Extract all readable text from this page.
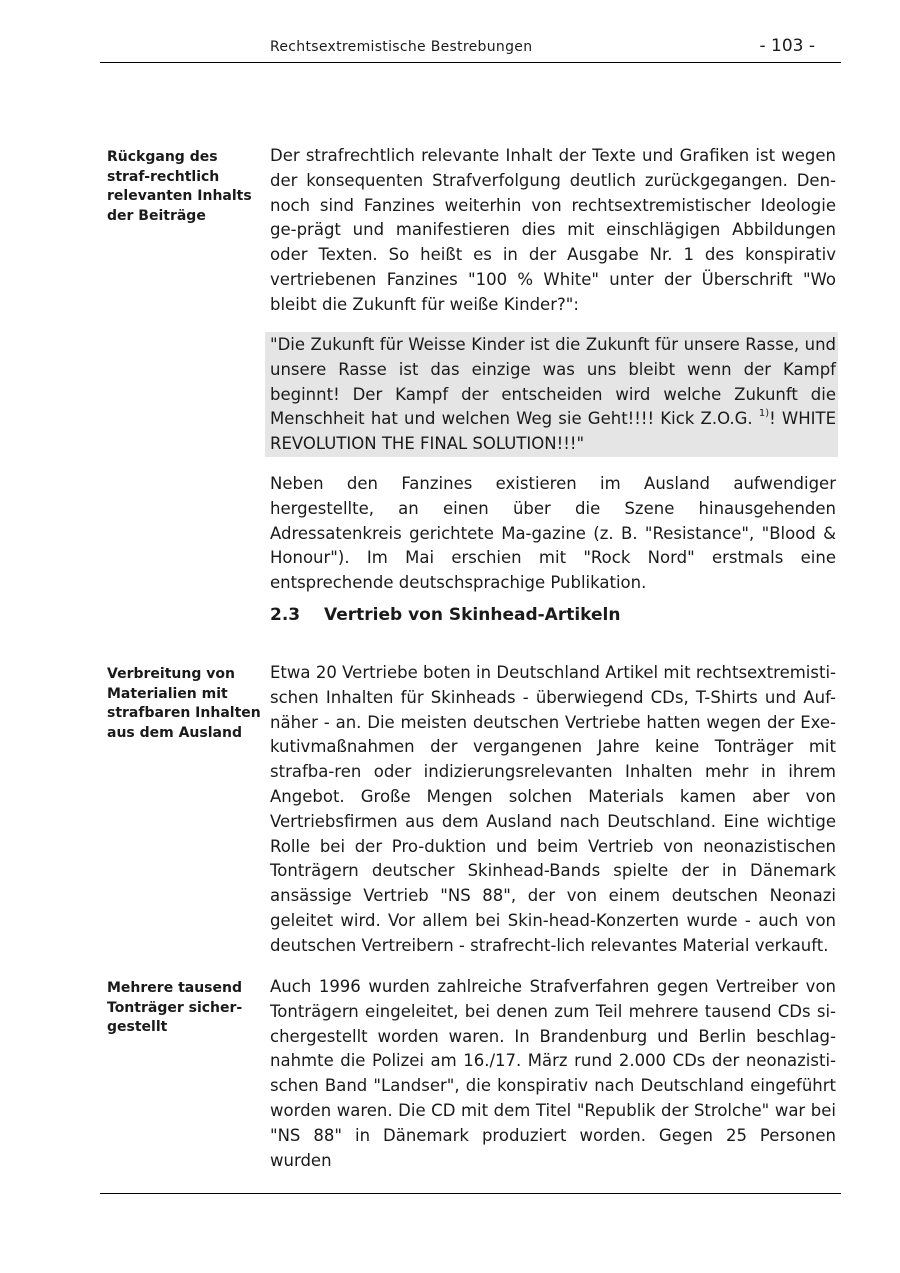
Rechtsextremistische Bestrebungen	- 103 -
Rückgang des straf-rechtlich relevanten Inhalts der Beiträge
Der strafrechtlich relevante Inhalt der Texte und Grafiken ist wegen der konsequenten Strafverfolgung deutlich zurückgegangen. Den-noch sind Fanzines weiterhin von rechtsextremistischer Ideologie ge-prägt und manifestieren dies mit einschlägigen Abbildungen oder Texten. So heißt es in der Ausgabe Nr. 1 des konspirativ vertriebenen Fanzines "100 % White" unter der Überschrift "Wo bleibt die Zukunft für weiße Kinder?":
"Die Zukunft für Weisse Kinder ist die Zukunft für unsere Rasse, und unsere Rasse ist das einzige was uns bleibt wenn der Kampf beginnt! Der Kampf der entscheiden wird welche Zukunft die Menschheit hat und welchen Weg sie Geht!!!! Kick Z.O.G. $^{1)}$! WHITE REVOLUTION THE FINAL SOLUTION!!!"
Neben den Fanzines existieren im Ausland aufwendiger hergestellte, an einen über die Szene hinausgehenden Adressatenkreis gerichtete Ma-gazine (z. B. "Resistance", "Blood & Honour"). Im Mai erschien mit "Rock Nord" erstmals eine entsprechende deutschsprachige Publikation.
2.3 Vertrieb von Skinhead-Artikeln
Verbreitung von Materialien mit strafbaren Inhalten aus dem Ausland
Etwa 20 Vertriebe boten in Deutschland Artikel mit rechtsextremisti-schen Inhalten für Skinheads - überwiegend CDs, T-Shirts und Auf-näher - an. Die meisten deutschen Vertriebe hatten wegen der Exe-kutivmaßnahmen der vergangenen Jahre keine Tonträger mit strafba-ren oder indizierungsrelevanten Inhalten mehr in ihrem Angebot. Große Mengen solchen Materials kamen aber von Vertriebsfirmen aus dem Ausland nach Deutschland. Eine wichtige Rolle bei der Pro-duktion und beim Vertrieb von neonazistischen Tonträgern deutscher Skinhead-Bands spielte der in Dänemark ansässige Vertrieb "NS 88", der von einem deutschen Neonazi geleitet wird. Vor allem bei Skin-head-Konzerten wurde - auch von deutschen Vertreibern - strafrecht-lich relevantes Material verkauft.
Mehrere tausend Tonträger sicher-gestellt
Auch 1996 wurden zahlreiche Strafverfahren gegen Vertreiber von Tonträgern eingeleitet, bei denen zum Teil mehrere tausend CDs si-chergestellt worden waren. In Brandenburg und Berlin beschlag-nahmte die Polizei am 16./17. März rund 2.000 CDs der neonazisti-schen Band "Landser", die konspirativ nach Deutschland eingeführt worden waren. Die CD mit dem Titel "Republik der Strolche" war bei "NS 88" in Dänemark produziert worden. Gegen 25 Personen wurden
